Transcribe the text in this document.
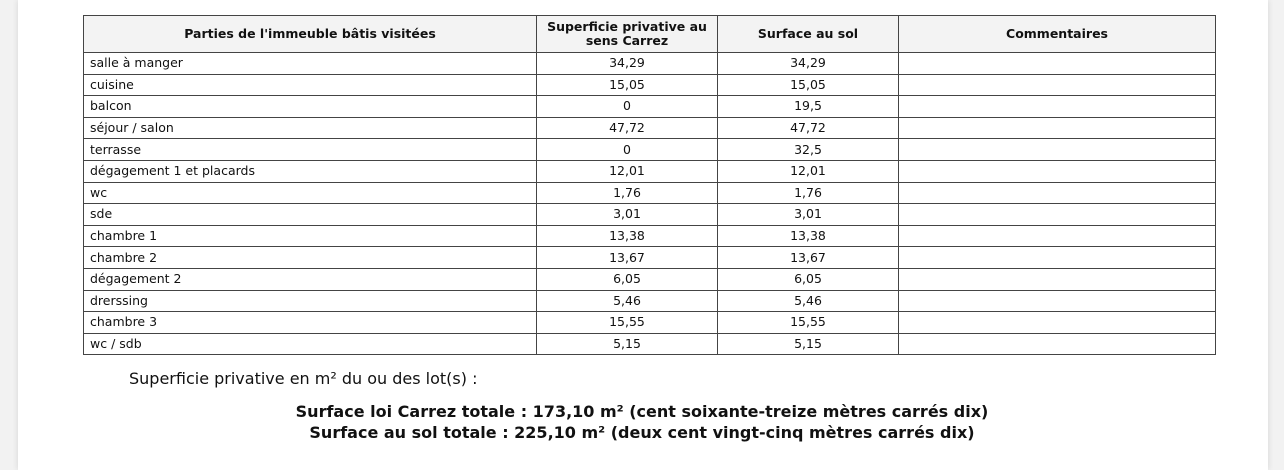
Parties de l'immeuble bâtis visitées	Superficie privative au sens Carrez	Surface au sol	Commentaires
salle à manger	34,29	34,29	
cuisine	15,05	15,05	
balcon	0	19,5	
séjour / salon	47,72	47,72	
terrasse	0	32,5	
dégagement 1 et placards	12,01	12,01	
wc	1,76	1,76	
sde	3,01	3,01	
chambre 1	13,38	13,38	
chambre 2	13,67	13,67	
dégagement 2	6,05	6,05	
drerssing	5,46	5,46	
chambre 3	15,55	15,55	
wc / sdb	5,15	5,15	
Superficie privative en m² du ou des lot(s) :
Surface loi Carrez totale : 173,10 m² (cent soixante-treize mètres carrés dix)
Surface au sol totale : 225,10 m² (deux cent vingt-cinq mètres carrés dix)
